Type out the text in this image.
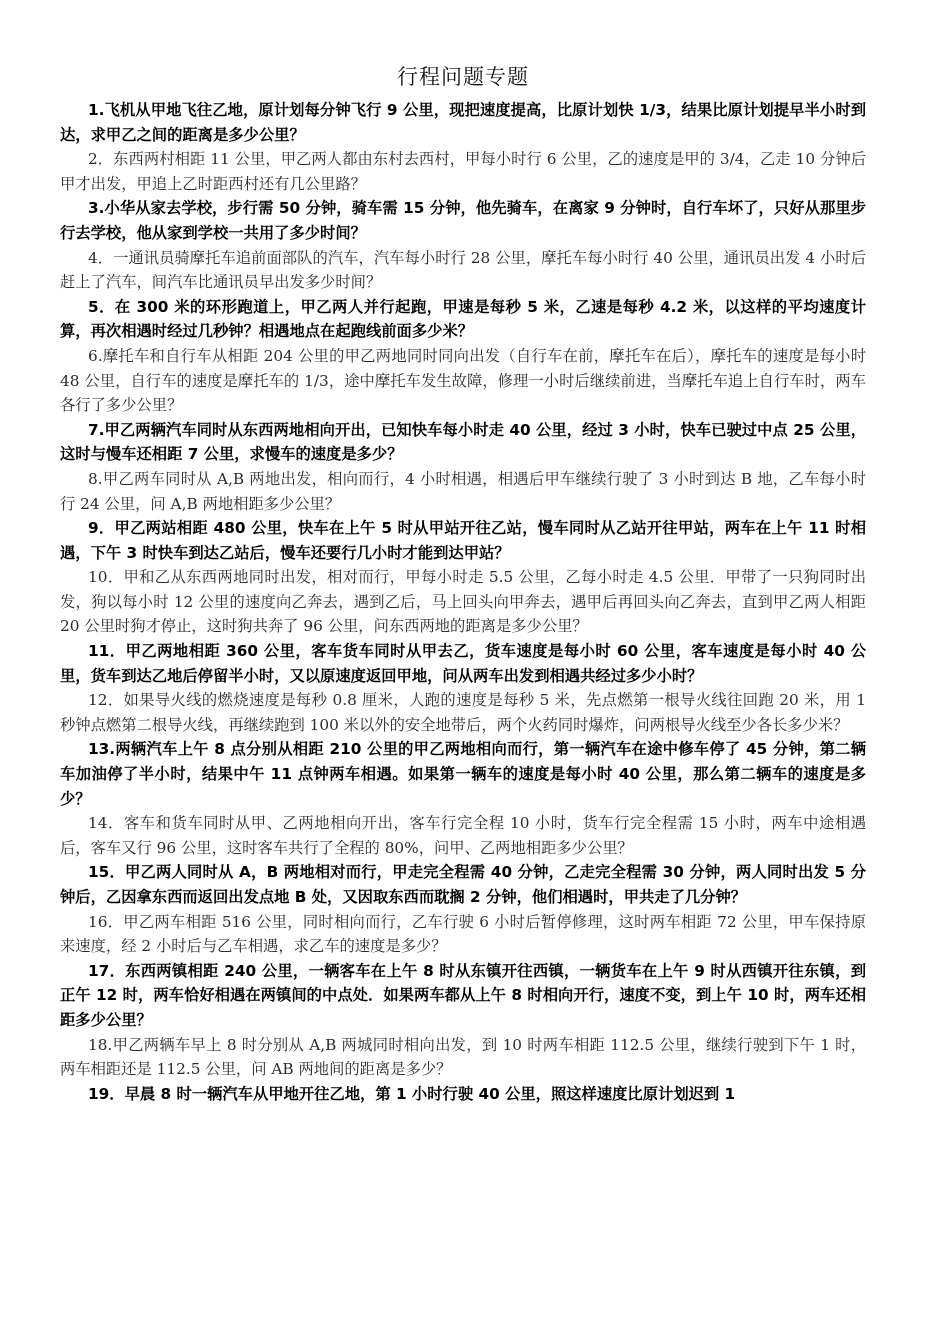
行程问题专题

1.飞机从甲地飞往乙地，原计划每分钟飞行 9 公里，现把速度提高，比原计划快 1/3，结果比原计划提早半小时到达，求甲乙之间的距离是多少公里？

2．东西两村相距 11 公里，甲乙两人都由东村去西村，甲每小时行 6 公里，乙的速度是甲的 3/4，乙走 10 分钟后甲才出发，甲追上乙时距西村还有几公里路？

3.小华从家去学校，步行需 50 分钟，骑车需 15 分钟，他先骑车，在离家 9 分钟时，自行车坏了，只好从那里步行去学校，他从家到学校一共用了多少时间？

4．一通讯员骑摩托车追前面部队的汽车，汽车每小时行 28 公里，摩托车每小时行 40 公里，通讯员出发 4 小时后赶上了汽车，间汽车比通讯员早出发多少时间？

5．在 300 米的环形跑道上，甲乙两人并行起跑，甲速是每秒 5 米，乙速是每秒 4.2 米，以这样的平均速度计算，再次相遇时经过几秒钟？相遇地点在起跑线前面多少米？

6.摩托车和自行车从相距 204 公里的甲乙两地同时同向出发（自行车在前，摩托车在后），摩托车的速度是每小时 48 公里，自行车的速度是摩托车的 1/3，途中摩托车发生故障，修理一小时后继续前进，当摩托车追上自行车时，两车各行了多少公里？

7.甲乙两辆汽车同时从东西两地相向开出，已知快车每小时走 40 公里，经过 3 小时，快车已驶过中点 25 公里，这时与慢车还相距 7 公里，求慢车的速度是多少？

8.甲乙两车同时从 A,B 两地出发，相向而行，4 小时相遇，相遇后甲车继续行驶了 3 小时到达 B 地，乙车每小时行 24 公里，问 A,B 两地相距多少公里？

9．甲乙两站相距 480 公里，快车在上午 5 时从甲站开往乙站，慢车同时从乙站开往甲站，两车在上午 11 时相遇，下午 3 时快车到达乙站后，慢车还要行几小时才能到达甲站？

10．甲和乙从东西两地同时出发，相对而行，甲每小时走 5.5 公里，乙每小时走 4.5 公里．甲带了一只狗同时出发，狗以每小时 12 公里的速度向乙奔去，遇到乙后，马上回头向甲奔去，遇甲后再回头向乙奔去，直到甲乙两人相距 20 公里时狗才停止，这时狗共奔了 96 公里，问东西两地的距离是多少公里？

11．甲乙两地相距 360 公里，客车货车同时从甲去乙，货车速度是每小时 60 公里，客车速度是每小时 40 公里，货车到达乙地后停留半小时，又以原速度返回甲地，问从两车出发到相遇共经过多少小时？

12．如果导火线的燃烧速度是每秒 0.8 厘米，人跑的速度是每秒 5 米，先点燃第一根导火线往回跑 20 米，用 1 秒钟点燃第二根导火线，再继续跑到 100 米以外的安全地带后，两个火药同时爆炸，问两根导火线至少各长多少米？

13.两辆汽车上午 8 点分别从相距 210 公里的甲乙两地相向而行，第一辆汽车在途中修车停了 45 分钟，第二辆车加油停了半小时，结果中午 11 点钟两车相遇。如果第一辆车的速度是每小时 40 公里，那么第二辆车的速度是多少？

14．客车和货车同时从甲、乙两地相向开出，客车行完全程 10 小时，货车行完全程需 15 小时，两车中途相遇后，客车又行 96 公里，这时客车共行了全程的 80%，问甲、乙两地相距多少公里？

15．甲乙两人同时从 A，B 两地相对而行，甲走完全程需 40 分钟，乙走完全程需 30 分钟，两人同时出发 5 分钟后，乙因拿东西而返回出发点地 B 处，又因取东西而耽搁 2 分钟，他们相遇时，甲共走了几分钟？

16．甲乙两车相距 516 公里，同时相向而行，乙车行驶 6 小时后暂停修理，这时两车相距 72 公里，甲车保持原来速度，经 2 小时后与乙车相遇，求乙车的速度是多少？

17．东西两镇相距 240 公里，一辆客车在上午 8 时从东镇开往西镇，一辆货车在上午 9 时从西镇开往东镇，到正午 12 时，两车恰好相遇在两镇间的中点处．如果两车都从上午 8 时相向开行，速度不变，到上午 10 时，两车还相距多少公里？

18.甲乙两辆车早上 8 时分别从 A,B 两城同时相向出发，到 10 时两车相距 112.5 公里，继续行驶到下午 1 时，两车相距还是 112.5 公里，问 AB 两地间的距离是多少？

19．早晨 8 时一辆汽车从甲地开往乙地，第 1 小时行驶 40 公里，照这样速度比原计划迟到 1
